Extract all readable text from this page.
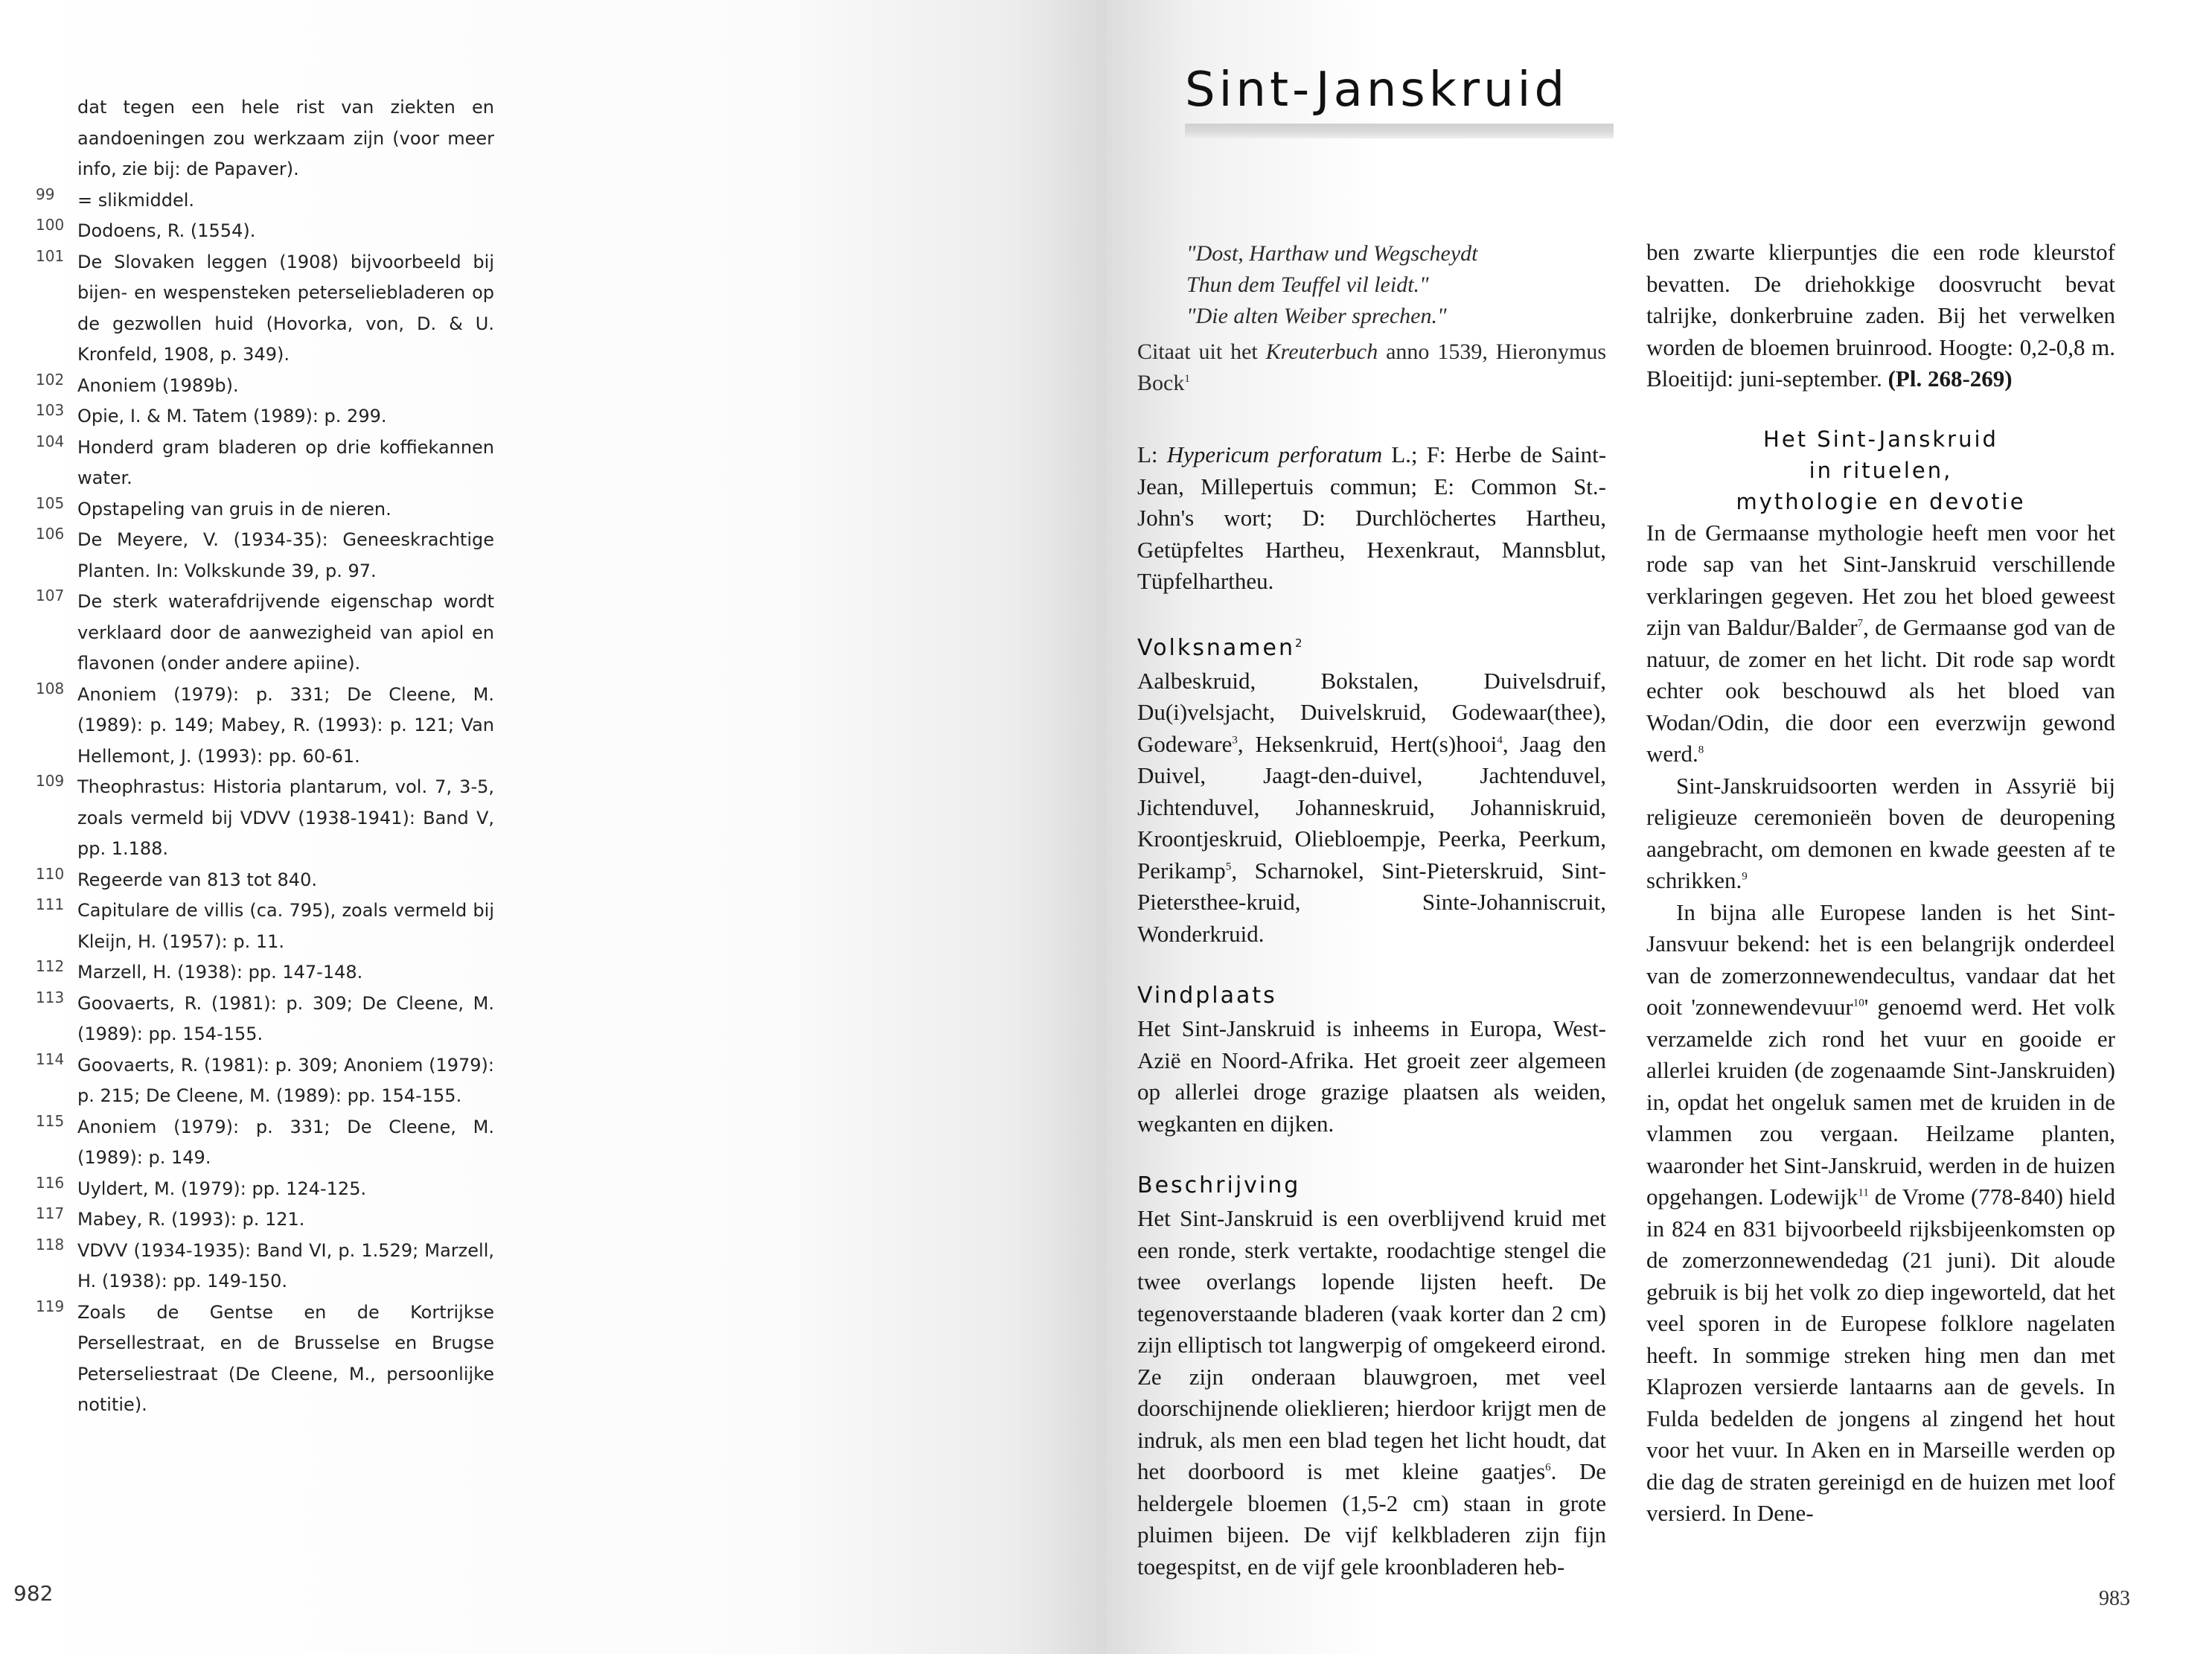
dat tegen een hele rist van ziekten en aandoeningen zou werkzaam zijn (voor meer info, zie bij: de Papaver).
99 = slikmiddel.
100 Dodoens, R. (1554).
101 De Slovaken leggen (1908) bijvoorbeeld bij bijen- en wespensteken peterseliebladeren op de gezwollen huid (Hovorka, von, D. & U. Kronfeld, 1908, p. 349).
102 Anoniem (1989b).
103 Opie, I. & M. Tatem (1989): p. 299.
104 Honderd gram bladeren op drie koffiekannen water.
105 Opstapeling van gruis in de nieren.
106 De Meyere, V. (1934-35): Geneeskrachtige Planten. In: Volkskunde 39, p. 97.
107 De sterk waterafdrijvende eigenschap wordt verklaard door de aanwezigheid van apiol en flavonen (onder andere apiine).
108 Anoniem (1979): p. 331; De Cleene, M. (1989): p. 149; Mabey, R. (1993): p. 121; Van Hellemont, J. (1993): pp. 60-61.
109 Theophrastus: Historia plantarum, vol. 7, 3-5, zoals vermeld bij VDVV (1938-1941): Band V, pp. 1.188.
110 Regeerde van 813 tot 840.
111 Capitulare de villis (ca. 795), zoals vermeld bij Kleijn, H. (1957): p. 11.
112 Marzell, H. (1938): pp. 147-148.
113 Goovaerts, R. (1981): p. 309; De Cleene, M. (1989): pp. 154-155.
114 Goovaerts, R. (1981): p. 309; Anoniem (1979): p. 215; De Cleene, M. (1989): pp. 154-155.
115 Anoniem (1979): p. 331; De Cleene, M. (1989): p. 149.
116 Uyldert, M. (1979): pp. 124-125.
117 Mabey, R. (1993): p. 121.
118 VDVV (1934-1935): Band VI, p. 1.529; Marzell, H. (1938): pp. 149-150.
119 Zoals de Gentse en de Kortrijkse Persellestraat, en de Brusselse en Brugse Peterseliestraat (De Cleene, M., persoonlijke notitie).
982
Sint-Janskruid

"Dost, Harthaw und Wegscheydt

Thun dem Teuffel vil leidt."

"Die alten Weiber sprechen."

Citaat uit het Kreuterbuch anno 1539, Hieronymus Bock$^1$

L: Hypericum perforatum L.; F: Herbe de Saint-Jean, Millepertuis commun; E: Common St.-John's wort; D: Durchlöchertes Hartheu, Getüpfeltes Hartheu, Hexenkraut, Mannsblut, Tüpfelhartheu.

Volksnamen$^2$

Aalbeskruid, Bokstalen, Duivelsdruif, Du(i)velsjacht, Duivelskruid, Godewaar(thee), Godeware$^3$, Heksenkruid, Hert(s)hooi$^4$, Jaag den Duivel, Jaagt-den-duivel, Jachtenduvel, Jichtenduvel, Johanneskruid, Johanniskruid, Kroontjeskruid, Oliebloempje, Peerka, Peerkum, Perikamp$^5$, Scharnokel, Sint-Pieterskruid, Sint-Pietersthee-kruid, Sinte-Johanniscruit, Wonderkruid.

Vindplaats

Het Sint-Janskruid is inheems in Europa, West-Azië en Noord-Afrika. Het groeit zeer algemeen op allerlei droge grazige plaatsen als weiden, wegkanten en dijken.

Beschrijving

Het Sint-Janskruid is een overblijvend kruid met een ronde, sterk vertakte, roodachtige stengel die twee overlangs lopende lijsten heeft. De tegenoverstaande bladeren (vaak korter dan 2 cm) zijn elliptisch tot langwerpig of omgekeerd eirond. Ze zijn onderaan blauwgroen, met veel doorschijnende olieklieren; hierdoor krijgt men de indruk, als men een blad tegen het licht houdt, dat het doorboord is met kleine gaatjes$^6$. De heldergele bloemen (1,5-2 cm) staan in grote pluimen bijeen. De vijf kelkbladeren zijn fijn toegespitst, en de vijf gele kroonbladeren heb-

ben zwarte klierpuntjes die een rode kleurstof bevatten. De driehokkige doosvrucht bevat talrijke, donkerbruine zaden. Bij het verwelken worden de bloemen bruinrood. Hoogte: 0,2-0,8 m. Bloeitijd: juni-september. (Pl. 268-269)

Het Sint-Janskruid
in rituelen,
mythologie en devotie

In de Germaanse mythologie heeft men voor het rode sap van het Sint-Janskruid verschillende verklaringen gegeven. Het zou het bloed geweest zijn van Baldur/Balder$^7$, de Germaanse god van de natuur, de zomer en het licht. Dit rode sap wordt echter ook beschouwd als het bloed van Wodan/Odin, die door een everzwijn gewond werd.$^8$

Sint-Janskruidsoorten werden in Assyrië bij religieuze ceremonieën boven de deuropening aangebracht, om demonen en kwade geesten af te schrikken.$^9$

In bijna alle Europese landen is het Sint-Jansvuur bekend: het is een belangrijk onderdeel van de zomerzonnewendecultus, vandaar dat het ooit 'zonnewendevuur$^{10}$' genoemd werd. Het volk verzamelde zich rond het vuur en gooide er allerlei kruiden (de zogenaamde Sint-Janskruiden) in, opdat het ongeluk samen met de kruiden in de vlammen zou vergaan. Heilzame planten, waaronder het Sint-Janskruid, werden in de huizen opgehangen. Lodewijk$^{11}$ de Vrome (778-840) hield in 824 en 831 bijvoorbeeld rijksbijeenkomsten op de zomerzonnewendedag (21 juni). Dit aloude gebruik is bij het volk zo diep ingeworteld, dat het veel sporen in de Europese folklore nagelaten heeft. In sommige streken hing men dan met Klaprozen versierde lantaarns aan de gevels. In Fulda bedelden de jongens al zingend het hout voor het vuur. In Aken en in Marseille werden op die dag de straten gereinigd en de huizen met loof versierd. In Dene-

983
